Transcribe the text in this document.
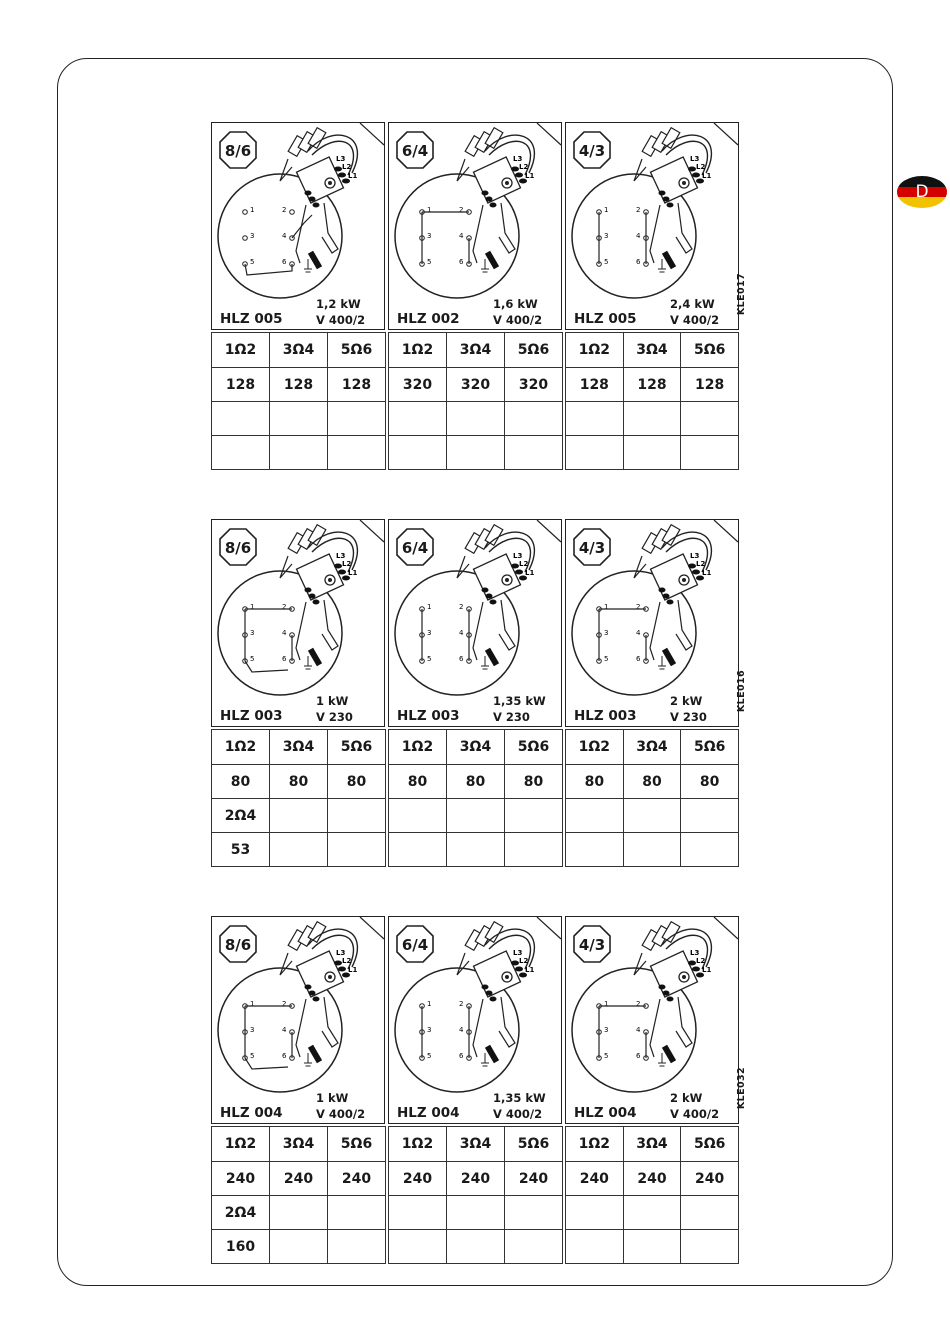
D
L3
L2
L1
1
3
5
2
4
6
8/6
HLZ 005
1,2 kW
V 400/2
L3
L2
L1
1
3
5
2
4
6
6/4
HLZ 002
1,6 kW
V 400/2
L3
L2
L1
1
3
5
2
4
6
4/3
HLZ 005
2,4 kW
V 400/2
KLE017
1Ω2	3Ω4	5Ω6
128	128	128

1Ω2	3Ω4	5Ω6
320	320	320

1Ω2	3Ω4	5Ω6
128	128	128

L3
L2
L1
1
3
5
2
4
6
8/6
HLZ 003
1 kW
V 230
L3
L2
L1
1
3
5
2
4
6
6/4
HLZ 003
1,35 kW
V 230
L3
L2
L1
1
3
5
2
4
6
4/3
HLZ 003
2 kW
V 230
KLE016
1Ω2	3Ω4	5Ω6
80	80	80
2Ω4		
53		
1Ω2	3Ω4	5Ω6
80	80	80

1Ω2	3Ω4	5Ω6
80	80	80

L3
L2
L1
1
3
5
2
4
6
8/6
HLZ 004
1 kW
V 400/2
L3
L2
L1
1
3
5
2
4
6
6/4
HLZ 004
1,35 kW
V 400/2
L3
L2
L1
1
3
5
2
4
6
4/3
HLZ 004
2 kW
V 400/2
KLE032
1Ω2	3Ω4	5Ω6
240	240	240
2Ω4		
160		
1Ω2	3Ω4	5Ω6
240	240	240

1Ω2	3Ω4	5Ω6
240	240	240
